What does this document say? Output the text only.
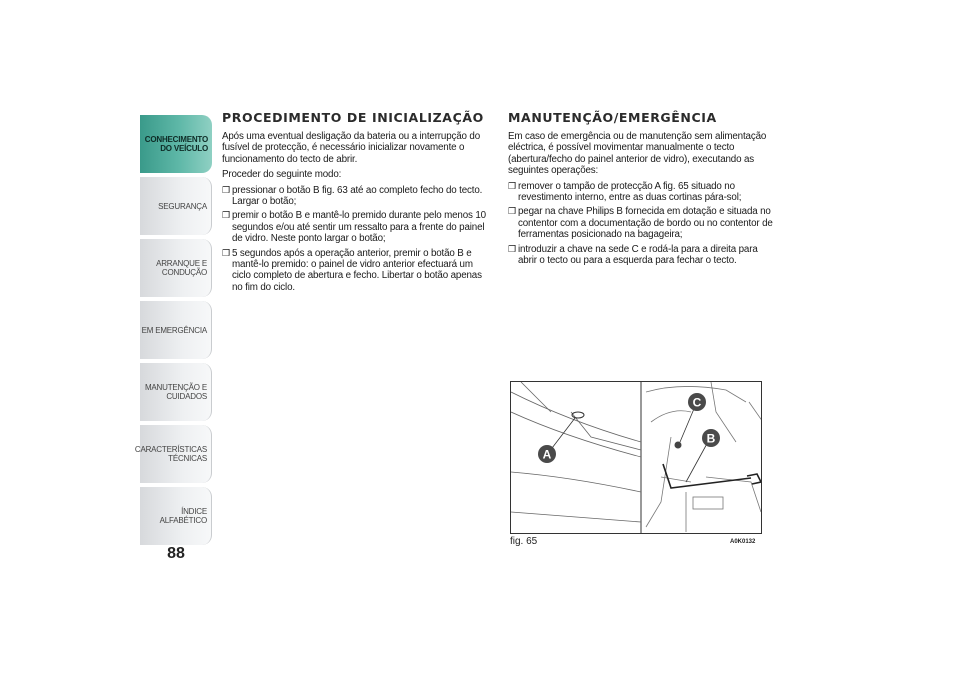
CONHECIMENTO
DO VEÍCULO
SEGURANÇA
ARRANQUE E
CONDUÇÃO
EM EMERGÊNCIA
MANUTENÇÃO E
CUIDADOS
CARACTERÍSTICAS
TÉCNICAS
ÍNDICE ALFABÉTICO
88
PROCEDIMENTO DE INICIALIZAÇÃO

Após uma eventual desligação da bateria ou a interrupção do fusível de protecção, é necessário inicializar novamente o funcionamento do tecto de abrir.

Proceder do seguinte modo:

❒ pressionar o botão B fig. 63 até ao completo fecho do tecto. Largar o botão;
❒ premir o botão B e mantê-lo premido durante pelo menos 10 segundos e/ou até sentir um ressalto para a frente do painel de vidro. Neste ponto largar o botão;
❒ 5 segundos após a operação anterior, premir o botão B e mantê-lo premido: o painel de vidro anterior efectuará um ciclo completo de abertura e fecho. Libertar o botão apenas no fim do ciclo.
MANUTENÇÃO/EMERGÊNCIA

Em caso de emergência ou de manutenção sem alimentação eléctrica, é possível movimentar manualmente o tecto (abertura/fecho do painel anterior de vidro), executando as seguintes operações:

❒ remover o tampão de protecção A fig. 65 situado no revestimento interno, entre as duas cortinas pára-sol;
❒ pegar na chave Philips B fornecida em dotação e situada no contentor com a documentação de bordo ou no contentor de ferramentas posicionado na bagageira;
❒ introduzir a chave na sede C e rodá-la para a direita para abrir o tecto ou para a esquerda para fechar o tecto.
A
C
B
fig. 65	A0K0132
